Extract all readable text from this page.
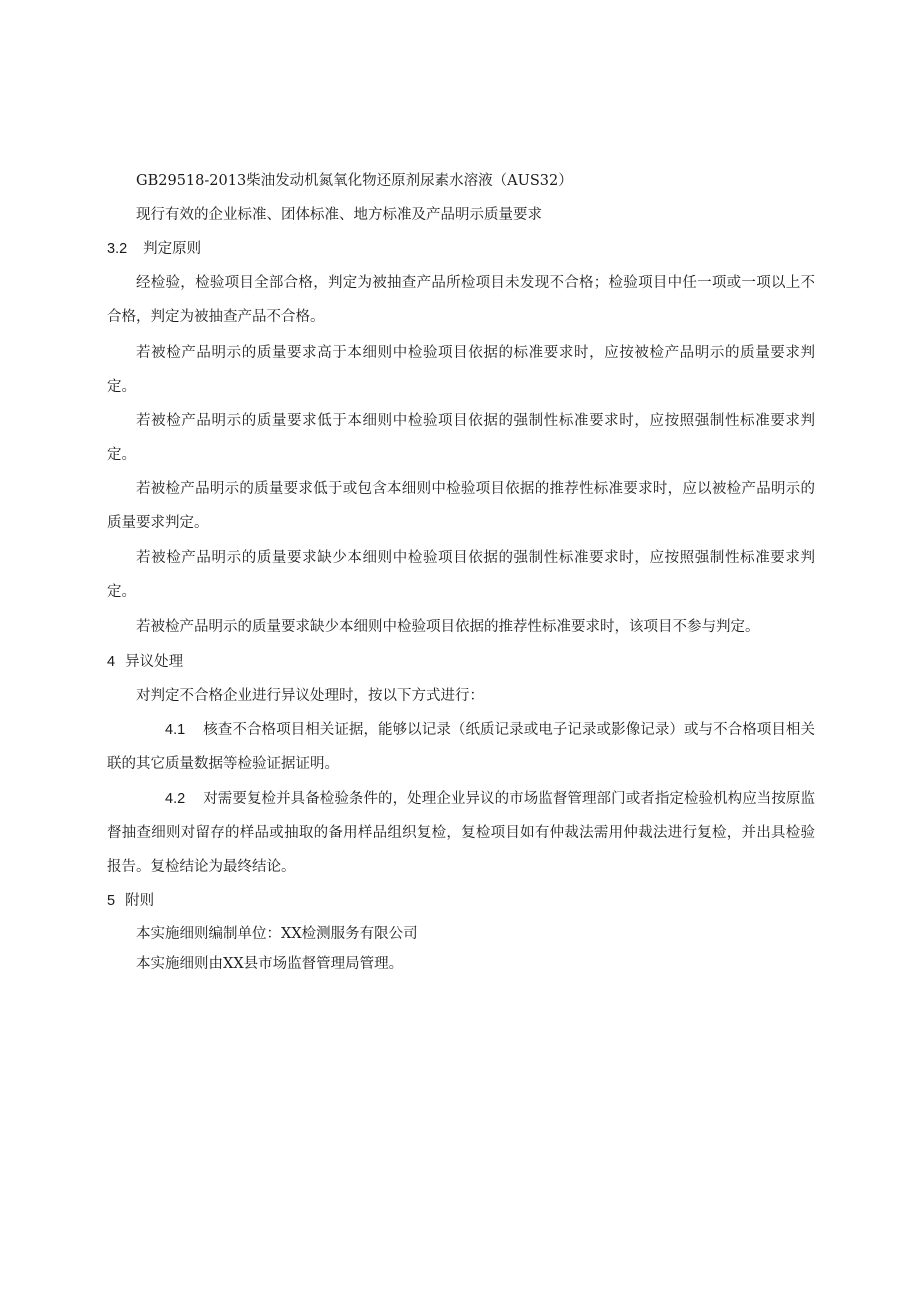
GB29518-2013柴油发动机氮氧化物还原剂尿素水溶液（AUS32）

现行有效的企业标准、团体标准、地方标准及产品明示质量要求

3.2 判定原则

经检验，检验项目全部合格，判定为被抽查产品所检项目未发现不合格；检验项目中任一项或一项以上不合格，判定为被抽查产品不合格。

若被检产品明示的质量要求高于本细则中检验项目依据的标准要求时，应按被检产品明示的质量要求判定。

若被检产品明示的质量要求低于本细则中检验项目依据的强制性标准要求时，应按照强制性标准要求判定。

若被检产品明示的质量要求低于或包含本细则中检验项目依据的推荐性标准要求时，应以被检产品明示的质量要求判定。

若被检产品明示的质量要求缺少本细则中检验项目依据的强制性标准要求时，应按照强制性标准要求判定。

若被检产品明示的质量要求缺少本细则中检验项目依据的推荐性标准要求时，该项目不参与判定。

4 异议处理

对判定不合格企业进行异议处理时，按以下方式进行：

4.1 核查不合格项目相关证据，能够以记录（纸质记录或电子记录或影像记录）或与不合格项目相关联的其它质量数据等检验证据证明。

4.2 对需要复检并具备检验条件的，处理企业异议的市场监督管理部门或者指定检验机构应当按原监督抽查细则对留存的样品或抽取的备用样品组织复检，复检项目如有仲裁法需用仲裁法进行复检，并出具检验报告。复检结论为最终结论。

5 附则

本实施细则编制单位：XX检测服务有限公司

本实施细则由XX县市场监督管理局管理。
